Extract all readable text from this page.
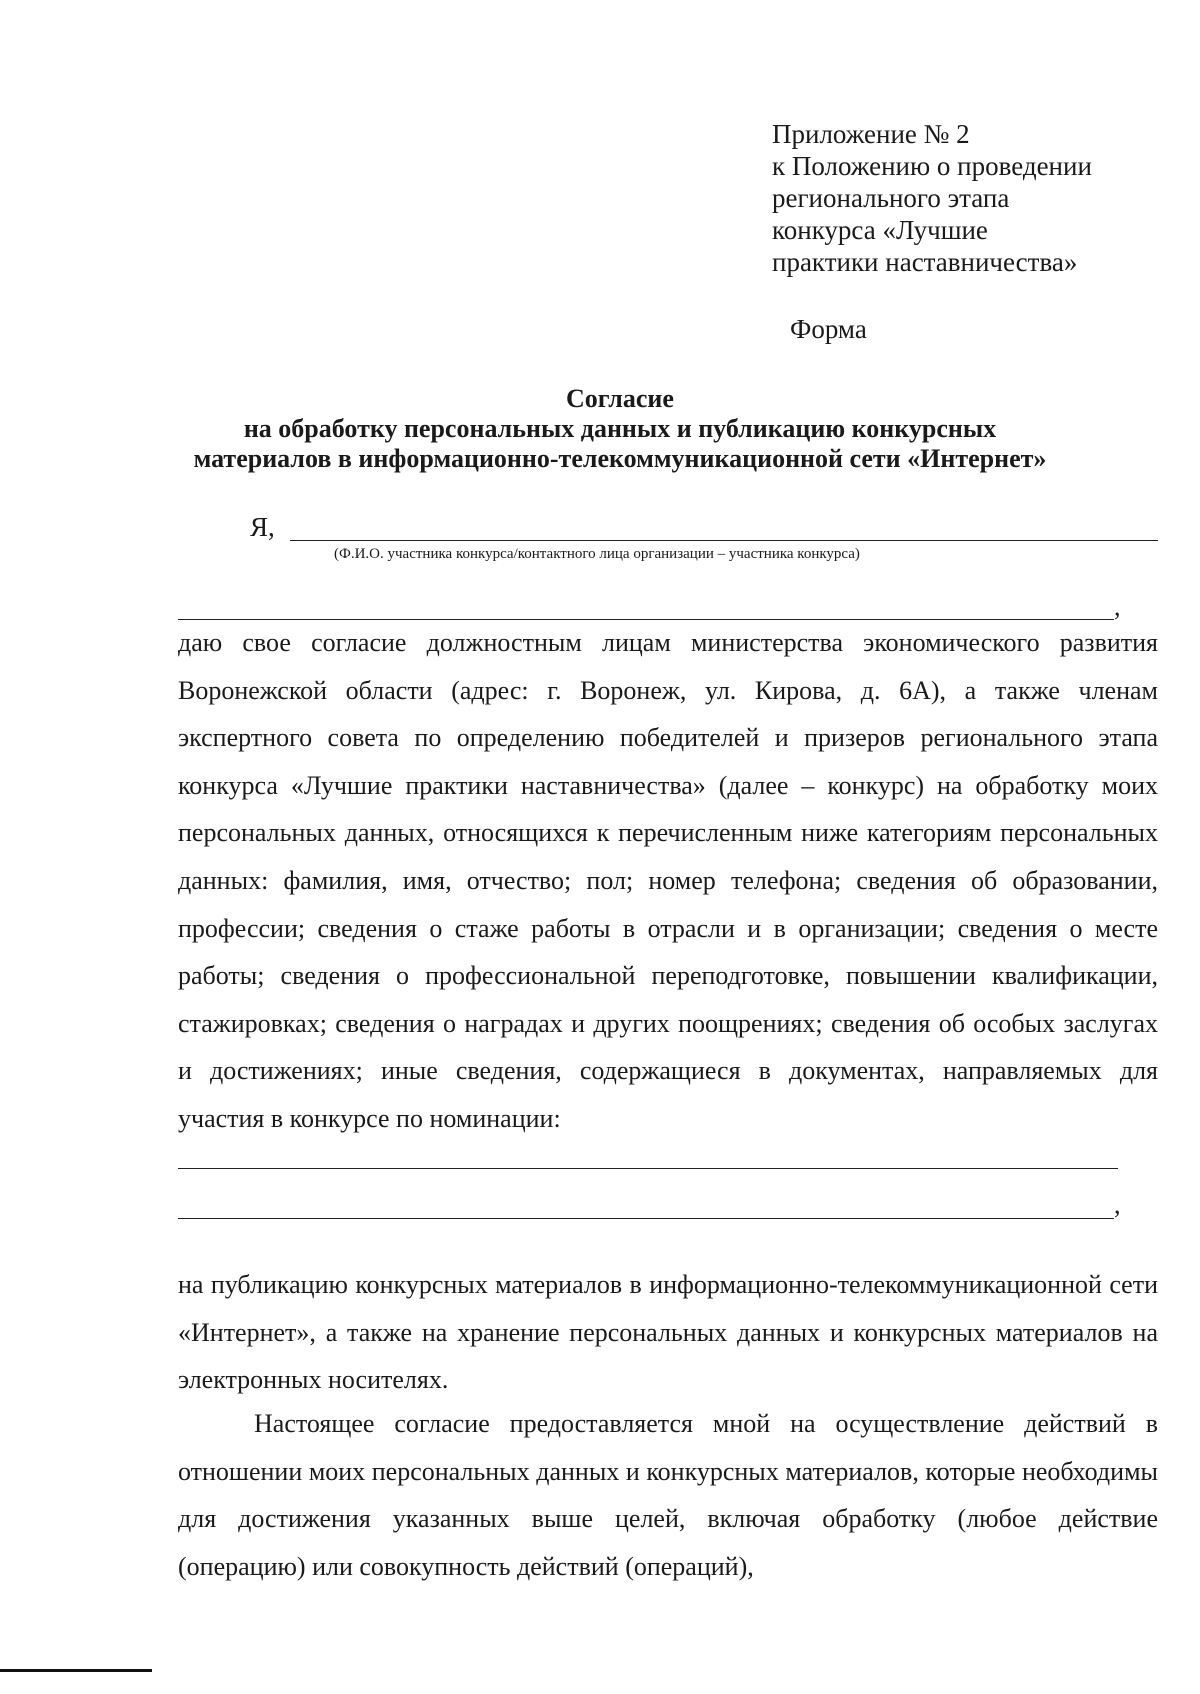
Приложение № 2
к Положению о проведении
регионального этапа
конкурса «Лучшие
практики наставничества»
Форма
Согласие
на обработку персональных данных и публикацию конкурсных
материалов в информационно-телекоммуникационной сети «Интернет»
Я,
(Ф.И.О. участника конкурса/контактного лица организации – участника конкурса)
,
даю свое согласие должностным лицам министерства экономического развития Воронежской области (адрес: г. Воронеж, ул. Кирова, д. 6А), а также членам экспертного совета по определению победителей и призеров регионального этапа конкурса «Лучшие практики наставничества» (далее – конкурс) на обработку моих персональных данных, относящихся к перечисленным ниже категориям персональных данных: фамилия, имя, отчество; пол; номер телефона; сведения об образовании, профессии; сведения о стаже работы в отрасли и в организации; сведения о месте работы; сведения о профессиональной переподготовке, повышении квалификации, стажировках; сведения о наградах и других поощрениях; сведения об особых заслугах и достижениях; иные сведения, содержащиеся в документах, направляемых для участия в конкурсе по номинации:
,
на публикацию конкурсных материалов в информационно-телекоммуникационной сети «Интернет», а также на хранение персональных данных и конкурсных материалов на электронных носителях.
Настоящее согласие предоставляется мной на осуществление действий в отношении моих персональных данных и конкурсных материалов, которые необходимы для достижения указанных выше целей, включая обработку (любое действие (операцию) или совокупность действий (операций),
